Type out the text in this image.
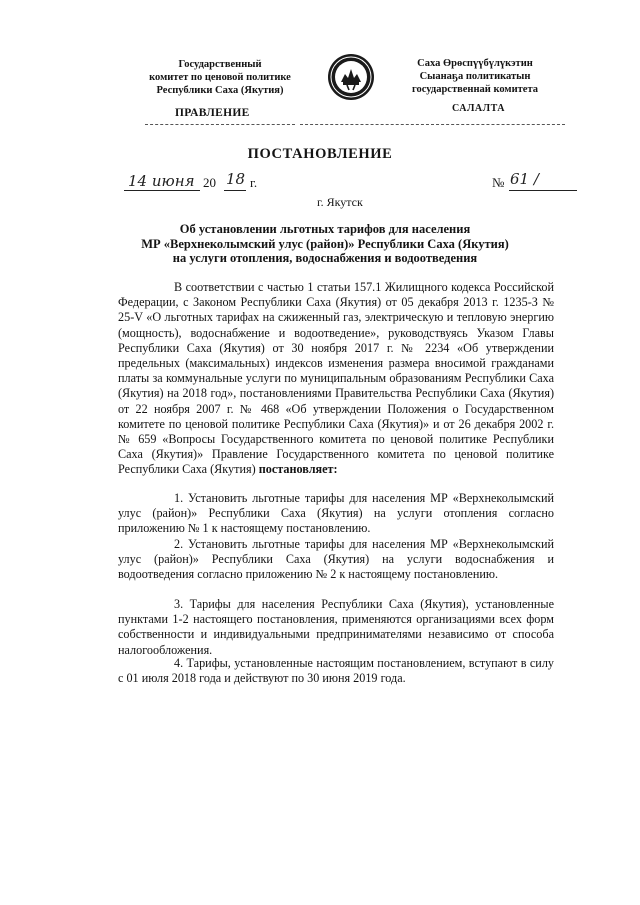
Государственный
комитет по ценовой политике
Республики Саха (Якутия)
Саха Өрөспүүбүлүкэтин
Сыанаҕа политикатын
государственнай комитета
ПРАВЛЕНИЕ	САЛАЛТА
ПОСТАНОВЛЕНИЕ
14 июня 20 18 г.
г. Якутск
№ 61 /
Об установлении льготных тарифов для населения
МР «Верхнеколымский улус (район)» Республики Саха (Якутия)
на услуги отопления, водоснабжения и водоотведения

В соответствии с частью 1 статьи 157.1 Жилищного кодекса Российской Федерации, с Законом Республики Саха (Якутия) от 05 декабря 2013 г. 1235-З № 25-V «О льготных тарифах на сжиженный газ, электрическую и тепловую энергию (мощность), водоснабжение и водоотведение», руководствуясь Указом Главы Республики Саха (Якутия) от 30 ноября 2017 г. № 2234 «Об утверждении предельных (максимальных) индексов изменения размера вносимой гражданами платы за коммунальные услуги по муниципальным образованиям Республики Саха (Якутия) на 2018 год», постановлениями Правительства Республики Саха (Якутия) от 22 ноября 2007 г. № 468 «Об утверждении Положения о Государственном комитете по ценовой политике Республики Саха (Якутия)» и от 26 декабря 2002 г. № 659 «Вопросы Государственного комитета по ценовой политике Республики Саха (Якутия)» Правление Государственного комитета по ценовой политике Республики Саха (Якутия) постановляет:

1. Установить льготные тарифы для населения МР «Верхнеколымский улус (район)» Республики Саха (Якутия) на услуги отопления согласно приложению № 1 к настоящему постановлению.

2. Установить льготные тарифы для населения МР «Верхнеколымский улус (район)» Республики Саха (Якутия) на услуги водоснабжения и водоотведения согласно приложению № 2 к настоящему постановлению.

3. Тарифы для населения Республики Саха (Якутия), установленные пунктами 1-2 настоящего постановления, применяются организациями всех форм собственности и индивидуальными предпринимателями независимо от способа налогообложения.

4. Тарифы, установленные настоящим постановлением, вступают в силу с 01 июля 2018 года и действуют по 30 июня 2019 года.
